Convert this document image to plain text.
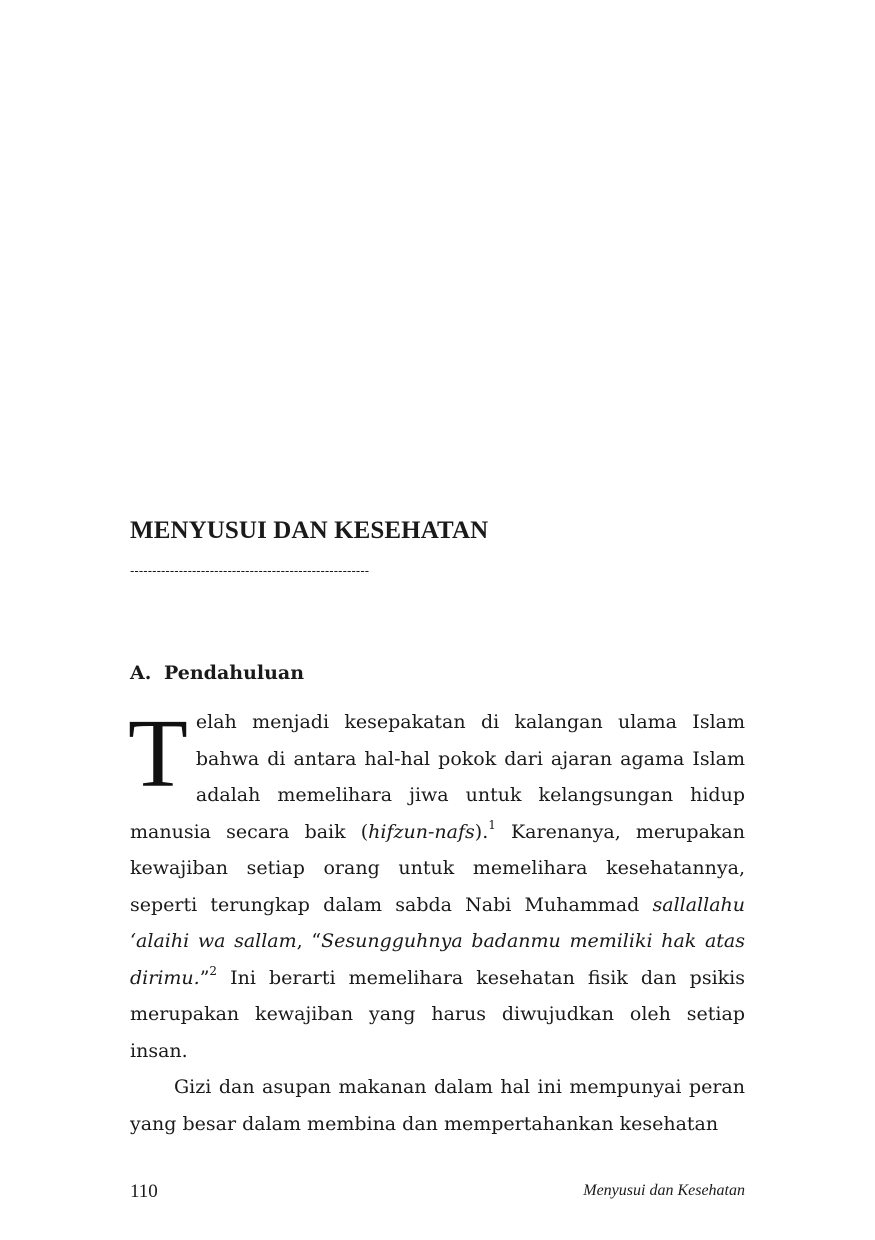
MENYUSUI DAN KESEHATAN
------------------------------------------------------
A. Pendahuluan

Telah menjadi kesepakatan di kalangan ulama Islam bahwa di antara hal-hal pokok dari ajaran agama Islam adalah memelihara jiwa untuk kelangsungan hidup manusia secara baik (hifzun-nafs).$^1$ Karenanya, merupakan kewajiban setiap orang untuk memelihara kesehatannya, seperti terungkap dalam sabda Nabi Muhammad sallallahu ‘alaihi wa sallam, “Sesungguhnya badanmu memiliki hak atas dirimu.”$^2$ Ini berarti memelihara kesehatan fisik dan psikis merupakan kewajiban yang harus diwujudkan oleh setiap insan.

Gizi dan asupan makanan dalam hal ini mempunyai peran yang besar dalam membina dan mempertahankan kesehatan

110	Menyusui dan Kesehatan
